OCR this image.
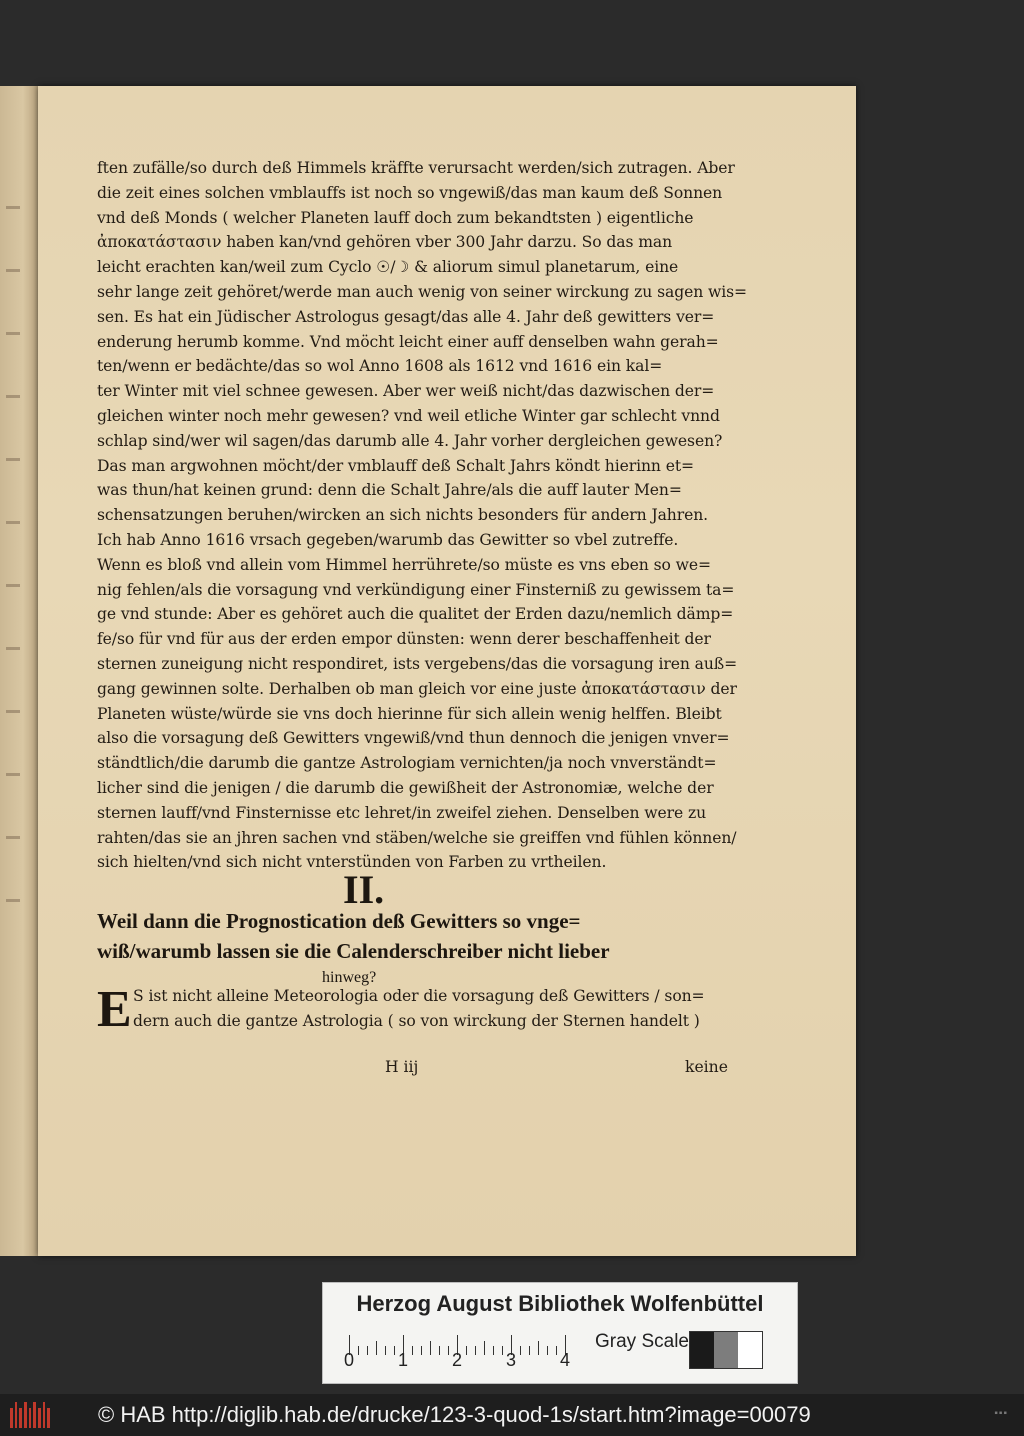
ften zufälle/so durch deß Himmels kräffte verursacht werden/sich zutragen. Aber
die zeit eines solchen vmblauffs ist noch so vngewiß/das man kaum deß Sonnen
vnd deß Monds ( welcher Planeten lauff doch zum bekandtsten ) eigentliche
ἀποκατάστασιν haben kan/vnd gehören vber 300 Jahr darzu. So das man
leicht erachten kan/weil zum Cyclo ☉/☽ & aliorum simul planetarum, eine
sehr lange zeit gehöret/werde man auch wenig von seiner wirckung zu sagen wis=
sen. Es hat ein Jüdischer Astrologus gesagt/das alle 4. Jahr deß gewitters ver=
enderung herumb komme. Vnd möcht leicht einer auff denselben wahn gerah=
ten/wenn er bedächte/das so wol Anno 1608 als 1612 vnd 1616 ein kal=
ter Winter mit viel schnee gewesen. Aber wer weiß nicht/das dazwischen der=
gleichen winter noch mehr gewesen? vnd weil etliche Winter gar schlecht vnnd
schlap sind/wer wil sagen/das darumb alle 4. Jahr vorher dergleichen gewesen?
Das man argwohnen möcht/der vmblauff deß Schalt Jahrs köndt hierinn et=
was thun/hat keinen grund: denn die Schalt Jahre/als die auff lauter Men=
schensatzungen beruhen/wircken an sich nichts besonders für andern Jahren.
Ich hab Anno 1616 vrsach gegeben/warumb das Gewitter so vbel zutreffe.
Wenn es bloß vnd allein vom Himmel herrührete/so müste es vns eben so we=
nig fehlen/als die vorsagung vnd verkündigung einer Finsterniß zu gewissem ta=
ge vnd stunde: Aber es gehöret auch die qualitet der Erden dazu/nemlich dämp=
fe/so für vnd für aus der erden empor dünsten: wenn derer beschaffenheit der
sternen zuneigung nicht respondiret, ists vergebens/das die vorsagung iren auß=
gang gewinnen solte. Derhalben ob man gleich vor eine juste ἀποκατάστασιν der
Planeten wüste/würde sie vns doch hierinne für sich allein wenig helffen. Bleibt
also die vorsagung deß Gewitters vngewiß/vnd thun dennoch die jenigen vnver=
ständtlich/die darumb die gantze Astrologiam vernichten/ja noch vnverständt=
licher sind die jenigen / die darumb die gewißheit der Astronomiæ, welche der
sternen lauff/vnd Finsternisse etc lehret/in zweifel ziehen. Denselben were zu
rahten/das sie an jhren sachen vnd stäben/welche sie greiffen vnd fühlen können/
sich hielten/vnd sich nicht vnterstünden von Farben zu vrtheilen.
II.
Weil dann die Prognostication deß Gewitters so vnge=
wiß/warumb lassen sie die Calenderschreiber nicht lieber
hinweg?
E S ist nicht alleine Meteorologia oder die vorsagung deß Gewitters / son=
dern auch die gantze Astrologia ( so von wirckung der Sternen handelt )
H iij	keine
Herzog August Bibliothek Wolfenbüttel
0 1 2 3 4
Gray Scale
© HAB http://diglib.hab.de/drucke/123-3-quod-1s/start.htm?image=00079	▪▪▪
